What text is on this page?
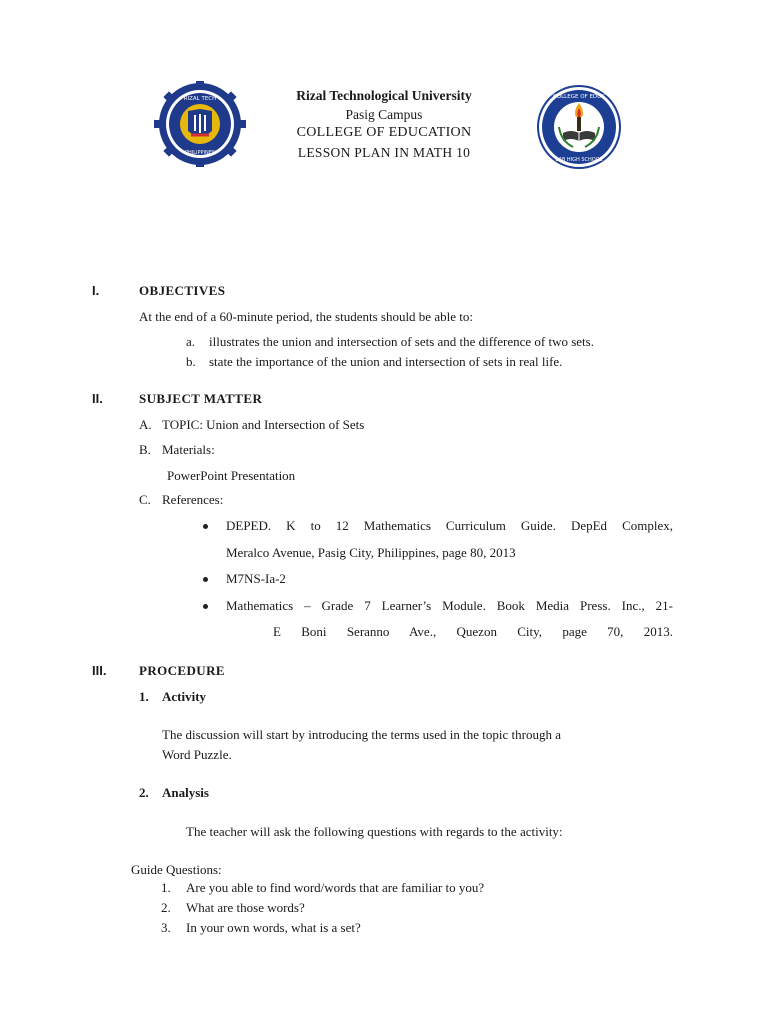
RIZAL TECH
PHILIPPINES
COLLEGE OF EDUC
LAB HIGH SCHOOL
Rizal Technological University
Pasig Campus
COLLEGE OF EDUCATION
LESSON PLAN IN MATH 10
I.	OBJECTIVES
At the end of a 60-minute period, the students should be able to:
a. illustrates the union and intersection of sets and the difference of two sets.
b. state the importance of the union and intersection of sets in real life.
II.	SUBJECT MATTER
A. TOPIC: Union and Intersection of Sets
B. Materials:
PowerPoint Presentation
C. References:
DEPED. K to 12 Mathematics Curriculum Guide. DepEd Complex,
Meralco Avenue, Pasig City, Philippines, page 80, 2013
M7NS-Ia-2
Mathematics – Grade 7 Learner’s Module. Book Media Press. Inc., 21-
E Boni Seranno Ave., Quezon City, page 70, 2013.
III.	PROCEDURE
1. Activity
The discussion will start by introducing the terms used in the topic through a
Word Puzzle.
2. Analysis
The teacher will ask the following questions with regards to the activity:
Guide Questions:
1. Are you able to find word/words that are familiar to you?
2. What are those words?
3. In your own words, what is a set?
